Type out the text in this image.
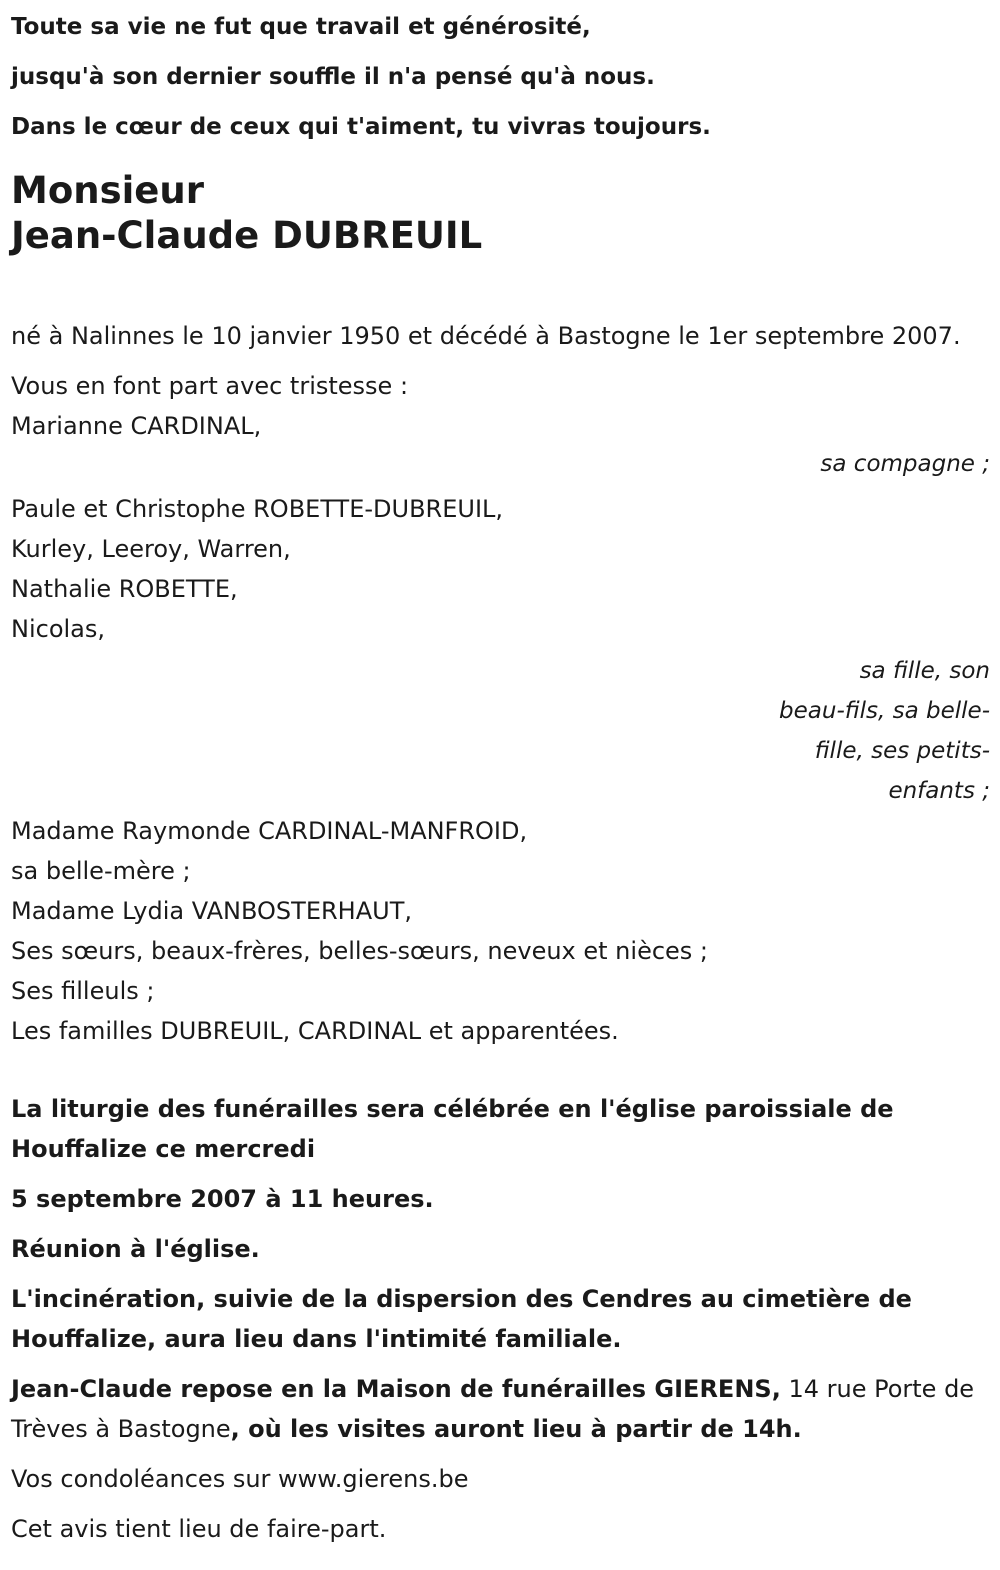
Toute sa vie ne fut que travail et générosité,

jusqu'à son dernier souffle il n'a pensé qu'à nous.

Dans le cœur de ceux qui t'aiment, tu vivras toujours.

Monsieur
Jean-Claude DUBREUIL

né à Nalinnes le 10 janvier 1950 et décédé à Bastogne le 1er septembre 2007.

Vous en font part avec tristesse :

Marianne CARDINAL,

sa compagne ;

Paule et Christophe ROBETTE-DUBREUIL,

Kurley, Leeroy, Warren,

Nathalie ROBETTE,

Nicolas,

sa fille, son
beau-fils, sa belle-
fille, ses petits-
enfants ;

Madame Raymonde CARDINAL-MANFROID,

sa belle-mère ;

Madame Lydia VANBOSTERHAUT,

Ses sœurs, beaux-frères, belles-sœurs, neveux et nièces ;

Ses filleuls ;

Les familles DUBREUIL, CARDINAL et apparentées.

La liturgie des funérailles sera célébrée en l'église paroissiale de Houffalize ce mercredi

5 septembre 2007 à 11 heures.

Réunion à l'église.

L'incinération, suivie de la dispersion des Cendres au cimetière de Houffalize, aura lieu dans l'intimité familiale.

Jean-Claude repose en la Maison de funérailles GIERENS, 14 rue Porte de Trèves à Bastogne, où les visites auront lieu à partir de 14h.

Vos condoléances sur www.gierens.be

Cet avis tient lieu de faire-part.
